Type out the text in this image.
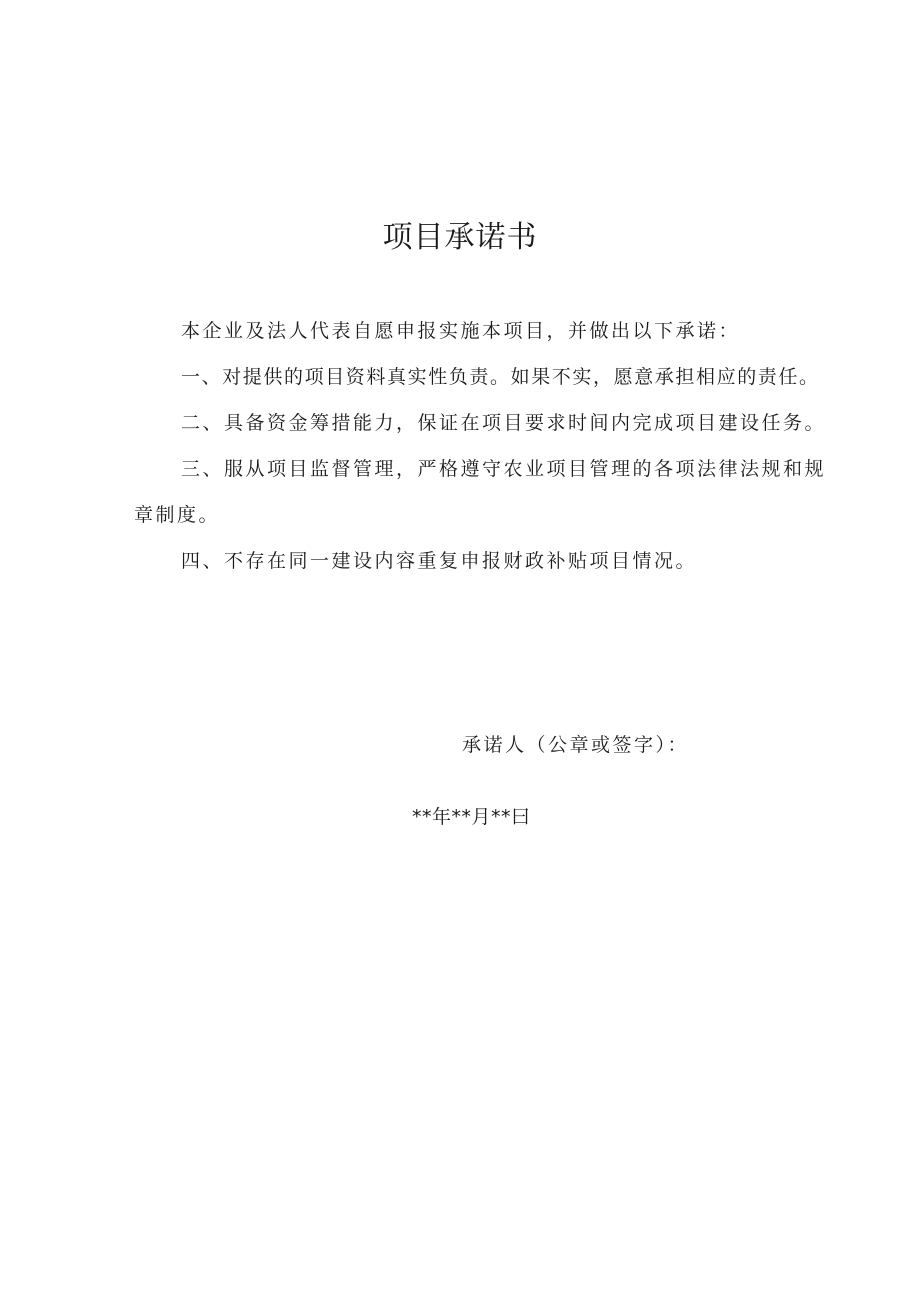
项目承诺书

本企业及法人代表自愿申报实施本项目，并做出以下承诺：

一、对提供的项目资料真实性负责。如果不实，愿意承担相应的责任。

二、具备资金筹措能力，保证在项目要求时间内完成项目建设任务。

三、服从项目监督管理，严格遵守农业项目管理的各项法律法规和规章制度。

四、不存在同一建设内容重复申报财政补贴项目情况。

承诺人（公章或签字）：
**年**月**曰
